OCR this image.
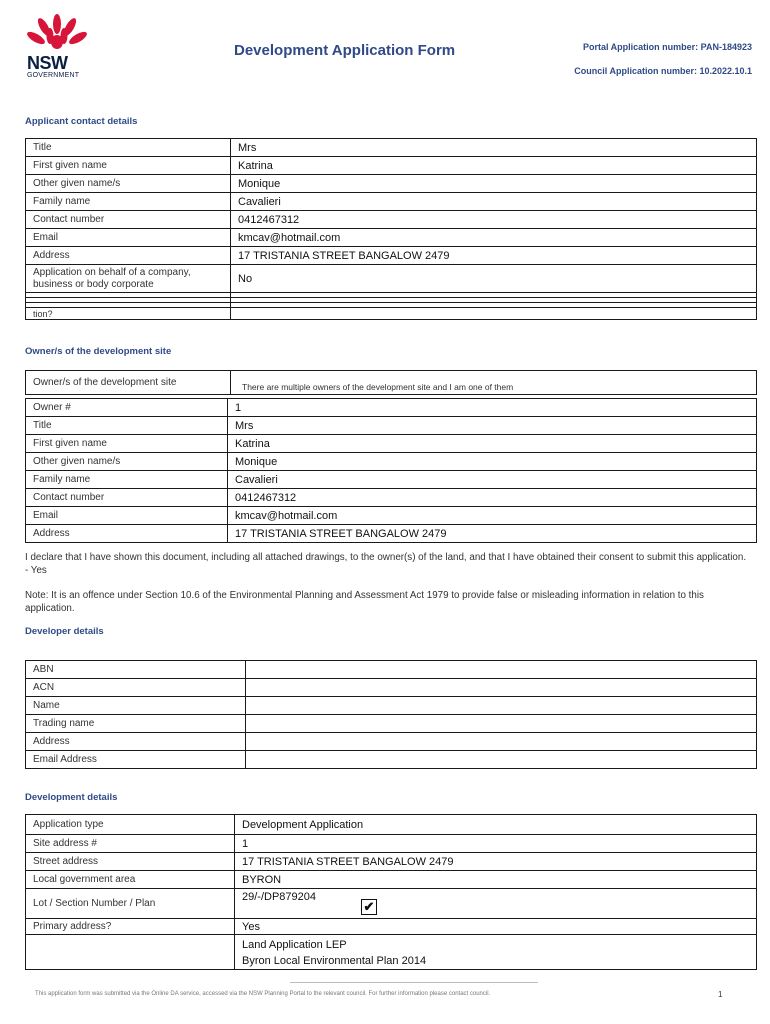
NSW
GOVERNMENT
Development Application Form	Portal Application number: PAN-184923
Council Application number: 10.2022.10.1
Applicant contact details
Title	Mrs
First given name	Katrina
Other given name/s	Monique
Family name	Cavalieri
Contact number	0412467312
Email	kmcav@hotmail.com
Address	17 TRISTANIA STREET BANGALOW 2479
Application on behalf of a company, business or body corporate	No

tion?	
Owner/s of the development site
Owner/s of the development site	There are multiple owners of the development site and I am one of them
Owner #	1
Title	Mrs
First given name	Katrina
Other given name/s	Monique
Family name	Cavalieri
Contact number	0412467312
Email	kmcav@hotmail.com
Address	17 TRISTANIA STREET BANGALOW 2479
I declare that I have shown this document, including all attached drawings, to the owner(s) of the land, and that I have obtained their consent to submit this application. - Yes
Note: It is an offence under Section 10.6 of the Environmental Planning and Assessment Act 1979 to provide false or misleading information in relation to this application.
Developer details
ABN	
ACN	
Name	
Trading name	
Address	
Email Address	
Development details
Application type	Development Application
Site address #	1
Street address	17 TRISTANIA STREET BANGALOW 2479
Local government area	BYRON
Lot / Section Number / Plan	29/-/DP879204
Primary address?	Yes

	Land Application LEP
Byron Local Environmental Plan 2014
✔
This application form was submitted via the Online DA service, accessed via the NSW Planning Portal to the relevant council. For further information please contact council.	1
